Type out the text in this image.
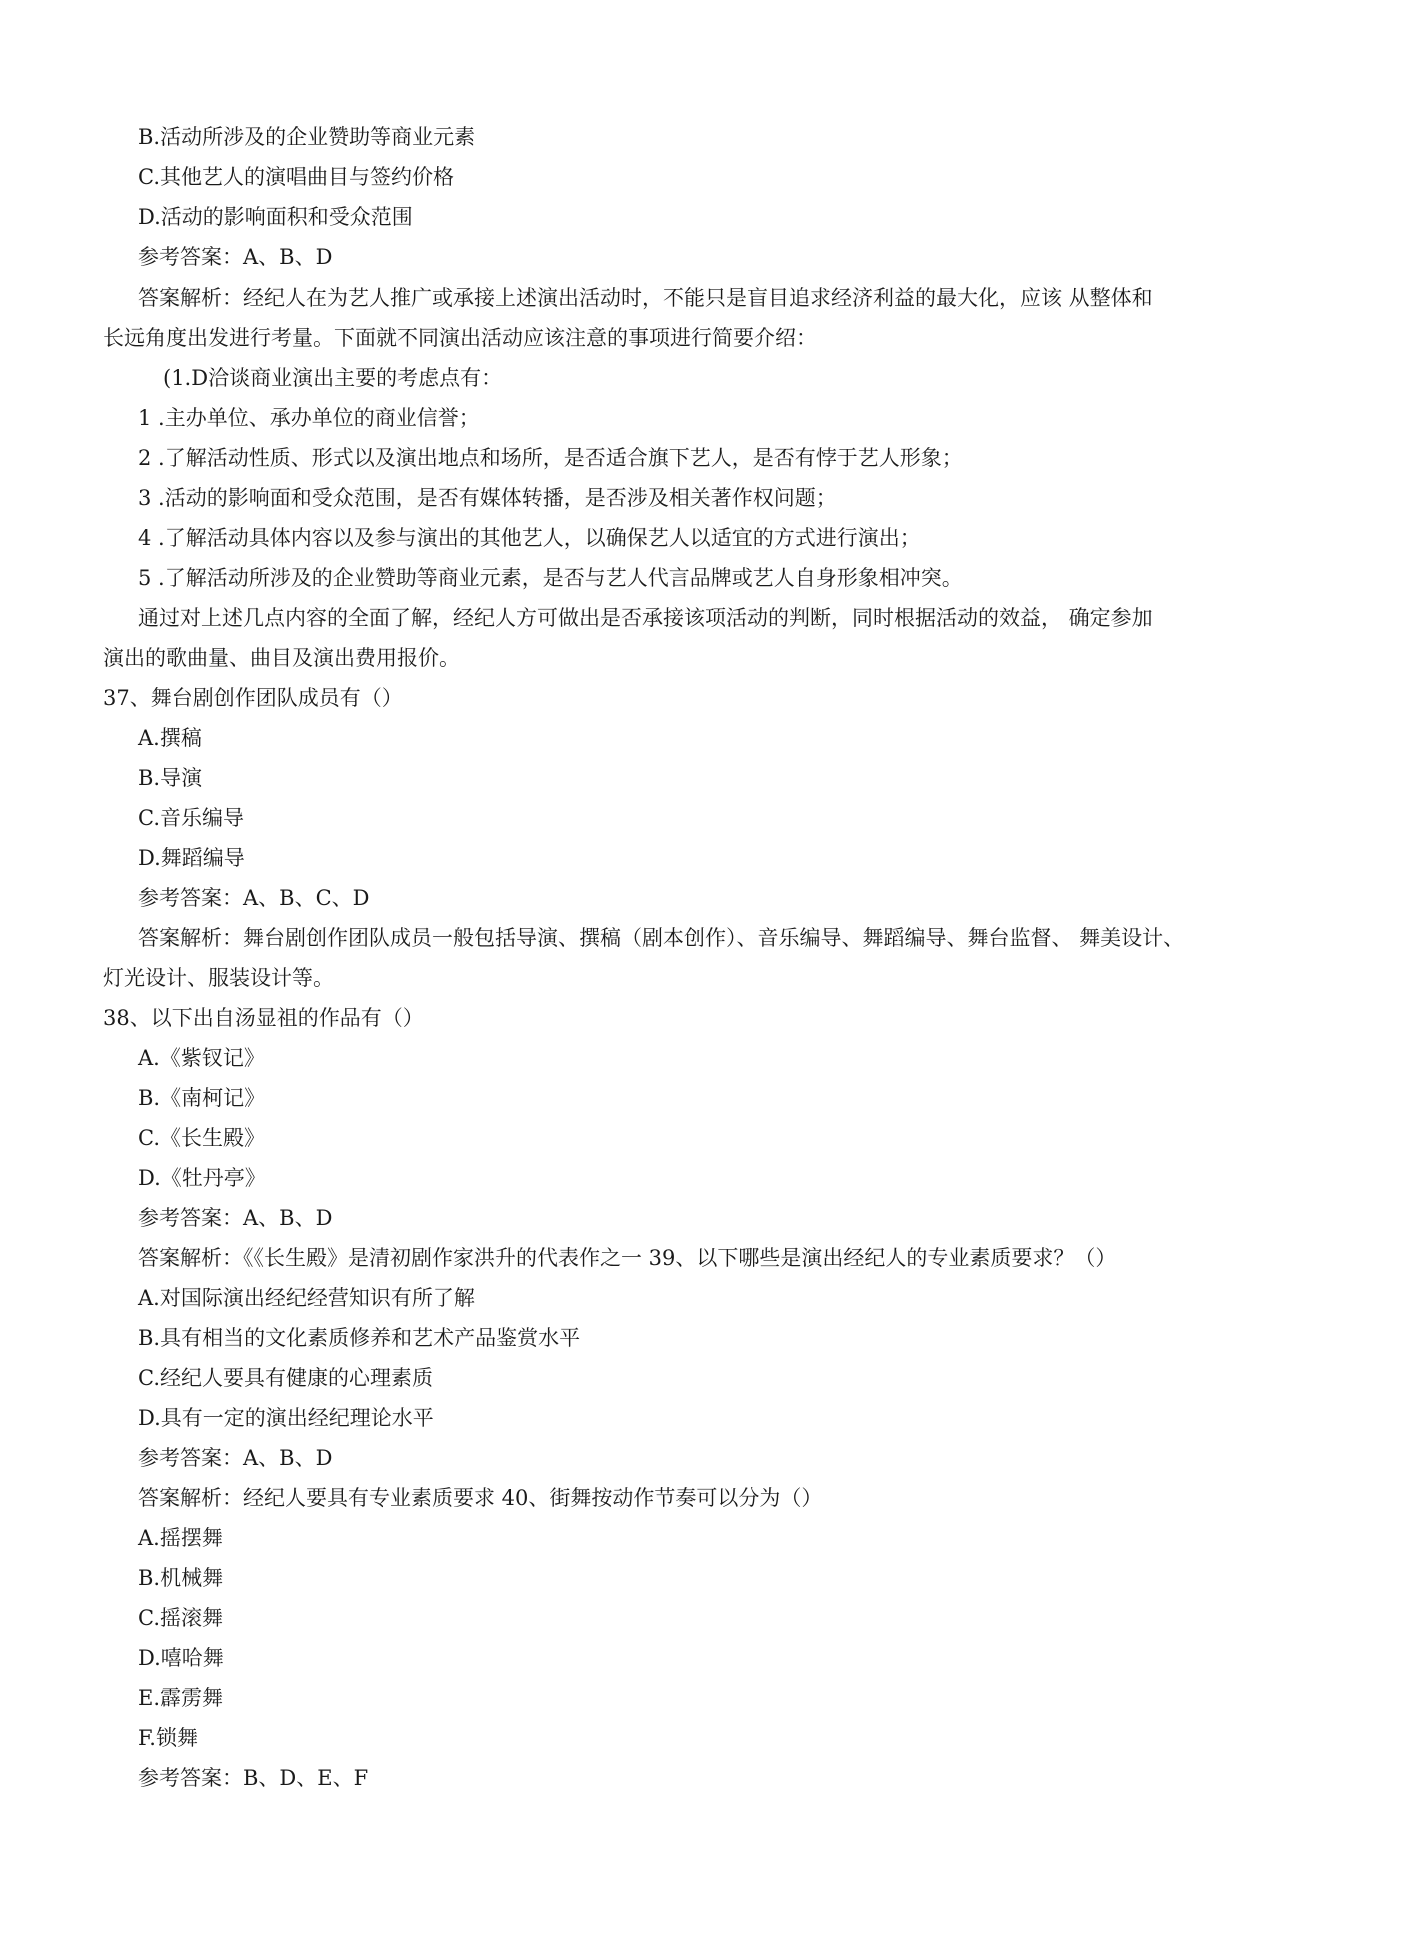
B.活动所涉及的企业赞助等商业元素
C.其他艺人的演唱曲目与签约价格
D.活动的影响面积和受众范围
参考答案：A、B、D
答案解析：经纪人在为艺人推广或承接上述演出活动时，不能只是盲目追求经济利益的最大化，应该 从整体和
长远角度出发进行考量。下面就不同演出活动应该注意的事项进行简要介绍：
(1.D洽谈商业演出主要的考虑点有：
1 .主办单位、承办单位的商业信誉；
2 .了解活动性质、形式以及演出地点和场所，是否适合旗下艺人，是否有悖于艺人形象；
3 .活动的影响面和受众范围，是否有媒体转播，是否涉及相关著作权问题；
4 .了解活动具体内容以及参与演出的其他艺人，以确保艺人以适宜的方式进行演出；
5 .了解活动所涉及的企业赞助等商业元素，是否与艺人代言品牌或艺人自身形象相冲突。
通过对上述几点内容的全面了解，经纪人方可做出是否承接该项活动的判断，同时根据活动的效益， 确定参加
演出的歌曲量、曲目及演出费用报价。
37、舞台剧创作团队成员有（）
A.撰稿
B.导演
C.音乐编导
D.舞蹈编导
参考答案：A、B、C、D
答案解析：舞台剧创作团队成员一般包括导演、撰稿（剧本创作）、音乐编导、舞蹈编导、舞台监督、 舞美设计、
灯光设计、服装设计等。
38、以下出自汤显祖的作品有（）
A.《紫钗记》
B.《南柯记》
C.《长生殿》
D.《牡丹亭》
参考答案：A、B、D
答案解析：《《长生殿》是清初剧作家洪升的代表作之一 39、以下哪些是演出经纪人的专业素质要求？（）
A.对国际演出经纪经营知识有所了解
B.具有相当的文化素质修养和艺术产品鉴赏水平
C.经纪人要具有健康的心理素质
D.具有一定的演出经纪理论水平
参考答案：A、B、D
答案解析：经纪人要具有专业素质要求 40、街舞按动作节奏可以分为（）
A.摇摆舞
B.机械舞
C.摇滚舞
D.嘻哈舞
E.霹雳舞
F.锁舞
参考答案：B、D、E、F
